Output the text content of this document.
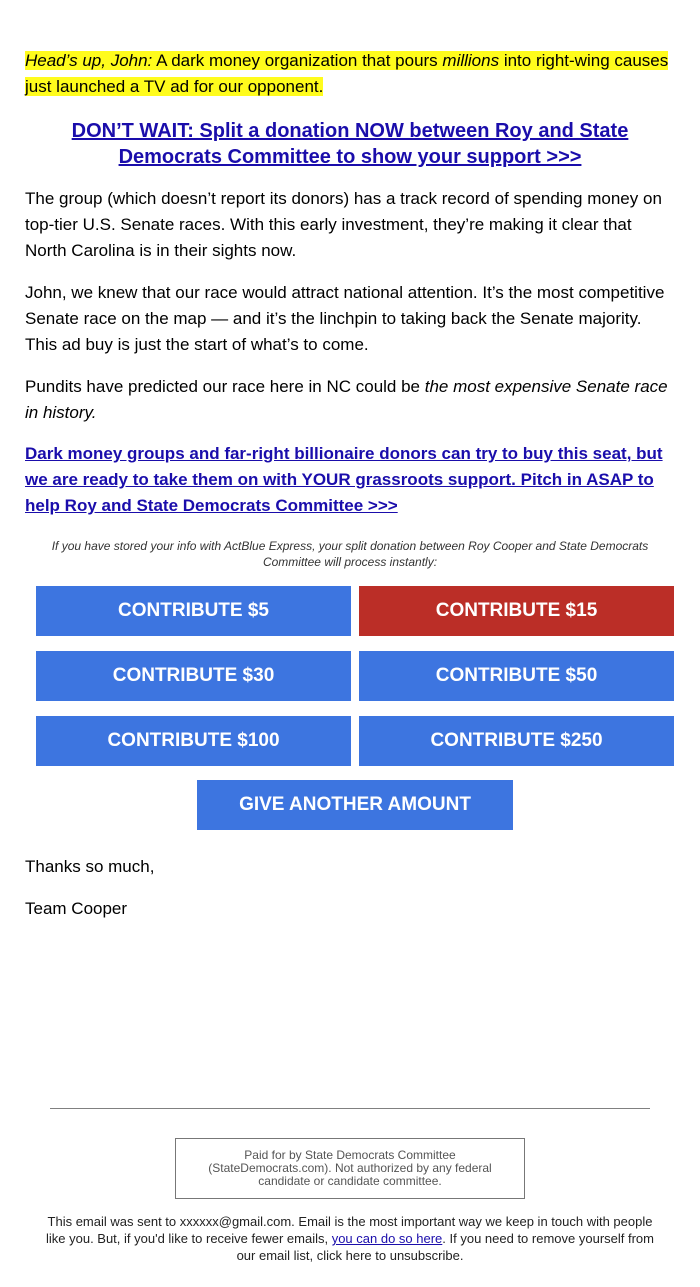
Head’s up, John: A dark money organization that pours millions into right-wing causes just launched a TV ad for our opponent.

DON’T WAIT: Split a donation NOW between Roy and State Democrats Committee to show your support >>>

The group (which doesn’t report its donors) has a track record of spending money on top-tier U.S. Senate races. With this early investment, they’re making it clear that North Carolina is in their sights now.

John, we knew that our race would attract national attention. It’s the most competitive Senate race on the map — and it’s the linchpin to taking back the Senate majority. This ad buy is just the start of what’s to come.

Pundits have predicted our race here in NC could be the most expensive Senate race in history.

Dark money groups and far-right billionaire donors can try to buy this seat, but we are ready to take them on with YOUR grassroots support. Pitch in ASAP to help Roy and State Democrats Committee >>>

If you have stored your info with ActBlue Express, your split donation between Roy Cooper and State Democrats Committee will process instantly:

CONTRIBUTE $5	CONTRIBUTE $15
CONTRIBUTE $30	CONTRIBUTE $50
CONTRIBUTE $100	CONTRIBUTE $250
GIVE ANOTHER AMOUNT

Thanks so much,

Team Cooper

Paid for by State Democrats Committee (StateDemocrats.com). Not authorized by any federal candidate or candidate committee.

This email was sent to xxxxxx@gmail.com. Email is the most important way we keep in touch with people like you. But, if you'd like to receive fewer emails, you can do so here. If you need to remove yourself from our email list, click here to unsubscribe.
